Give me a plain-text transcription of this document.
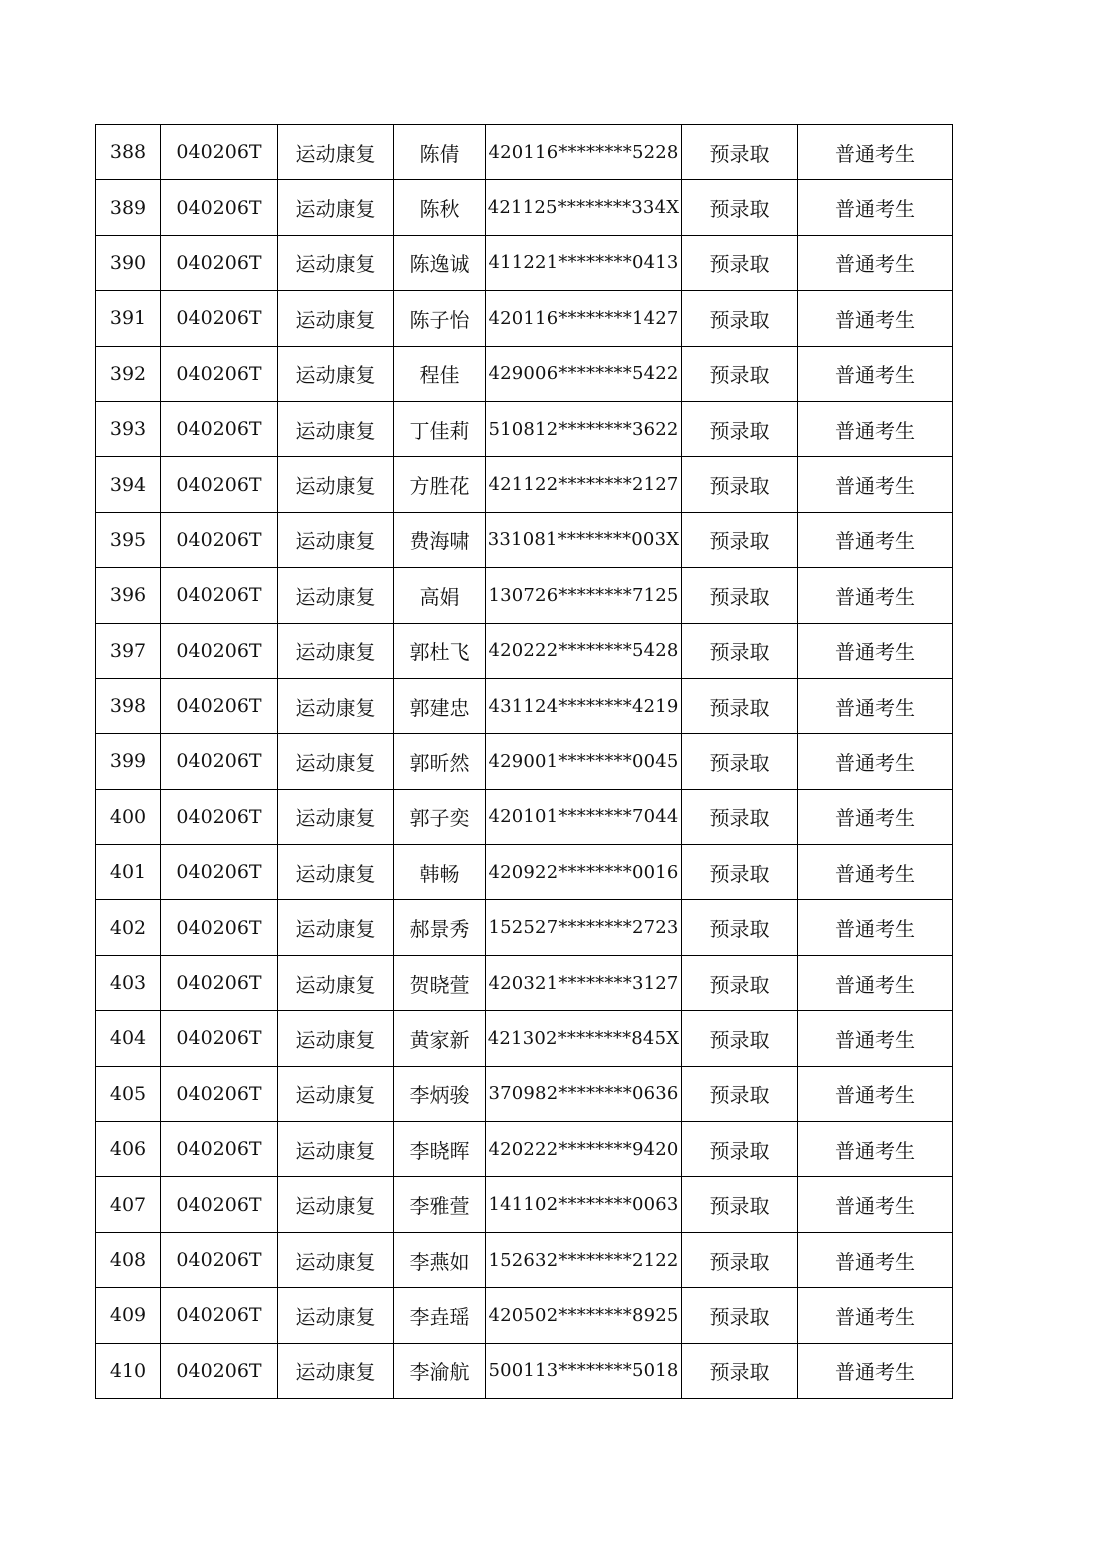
388	040206T	运动康复	陈倩	420116********5228	预录取	普通考生
389	040206T	运动康复	陈秋	421125********334X	预录取	普通考生
390	040206T	运动康复	陈逸诚	411221********0413	预录取	普通考生
391	040206T	运动康复	陈子怡	420116********1427	预录取	普通考生
392	040206T	运动康复	程佳	429006********5422	预录取	普通考生
393	040206T	运动康复	丁佳莉	510812********3622	预录取	普通考生
394	040206T	运动康复	方胜花	421122********2127	预录取	普通考生
395	040206T	运动康复	费海啸	331081********003X	预录取	普通考生
396	040206T	运动康复	高娟	130726********7125	预录取	普通考生
397	040206T	运动康复	郭杜飞	420222********5428	预录取	普通考生
398	040206T	运动康复	郭建忠	431124********4219	预录取	普通考生
399	040206T	运动康复	郭昕然	429001********0045	预录取	普通考生
400	040206T	运动康复	郭子奕	420101********7044	预录取	普通考生
401	040206T	运动康复	韩畅	420922********0016	预录取	普通考生
402	040206T	运动康复	郝景秀	152527********2723	预录取	普通考生
403	040206T	运动康复	贺晓萱	420321********3127	预录取	普通考生
404	040206T	运动康复	黄家新	421302********845X	预录取	普通考生
405	040206T	运动康复	李炳骏	370982********0636	预录取	普通考生
406	040206T	运动康复	李晓晖	420222********9420	预录取	普通考生
407	040206T	运动康复	李雅萱	141102********0063	预录取	普通考生
408	040206T	运动康复	李燕如	152632********2122	预录取	普通考生
409	040206T	运动康复	李垚瑶	420502********8925	预录取	普通考生
410	040206T	运动康复	李渝航	500113********5018	预录取	普通考生
